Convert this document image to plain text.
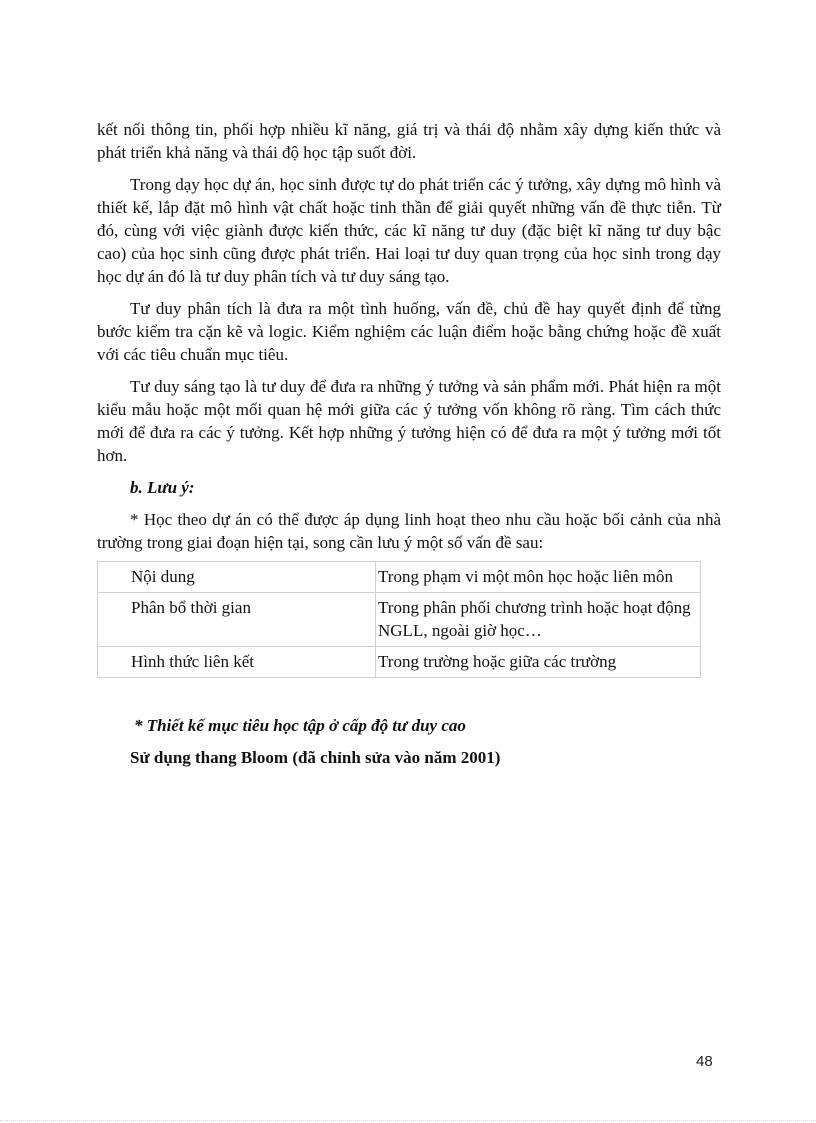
kết nối thông tin, phối hợp nhiều kĩ năng, giá trị và thái độ nhằm xây dựng kiến thức và phát triển khả năng và thái độ học tập suốt đời.

Trong dạy học dự án, học sinh được tự do phát triển các ý tưởng, xây dựng mô hình và thiết kế, lắp đặt mô hình vật chất hoặc tinh thần để giải quyết những vấn đề thực tiễn. Từ đó, cùng với việc giành được kiến thức, các kĩ năng tư duy (đặc biệt kĩ năng tư duy bậc cao) của học sinh cũng được phát triển. Hai loại tư duy quan trọng của học sinh trong dạy học dự án đó là tư duy phân tích và tư duy sáng tạo.

Tư duy phân tích là đưa ra một tình huống, vấn đề, chủ đề hay quyết định để từng bước kiểm tra cặn kẽ và logic. Kiểm nghiệm các luận điểm hoặc bằng chứng hoặc đề xuất với các tiêu chuẩn mục tiêu.

Tư duy sáng tạo là tư duy để đưa ra những ý tưởng và sản phẩm mới. Phát hiện ra một kiểu mẫu hoặc một mối quan hệ mới giữa các ý tưởng vốn không rõ ràng. Tìm cách thức mới để đưa ra các ý tưởng. Kết hợp những ý tưởng hiện có để đưa ra một ý tưởng mới tốt hơn.

b. Lưu ý:

* Học theo dự án có thể được áp dụng linh hoạt theo nhu cầu hoặc bối cảnh của nhà trường trong giai đoạn hiện tại, song cần lưu ý một số vấn đề sau:

Nội dung	Trong phạm vi một môn học hoặc liên môn
Phân bổ thời gian	Trong phân phối chương trình hoặc hoạt động NGLL, ngoài giờ học…
Hình thức liên kết	Trong trường hoặc giữa các trường

* Thiết kế mục tiêu học tập ở cấp độ tư duy cao

Sử dụng thang Bloom (đã chỉnh sửa vào năm 2001)

48
